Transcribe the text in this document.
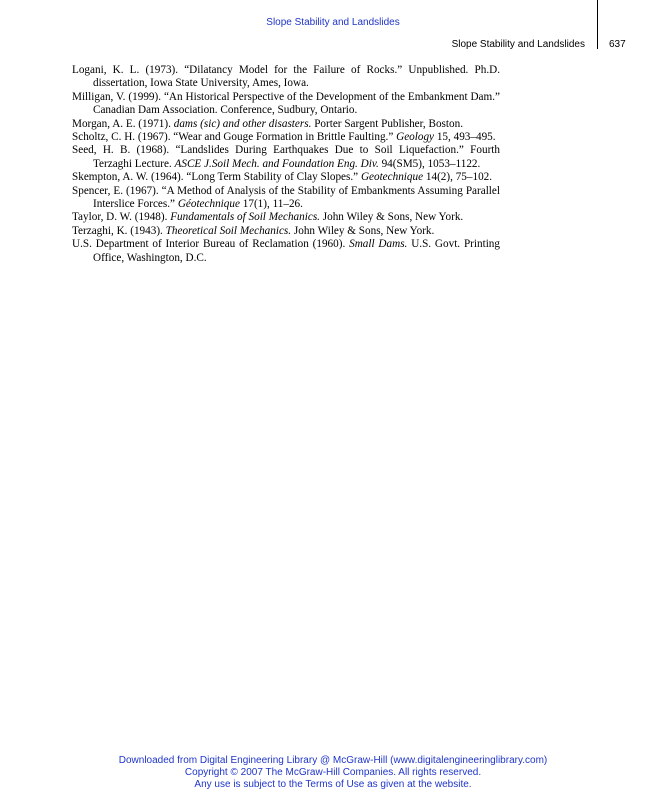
Slope Stability and Landslides
Slope Stability and Landslides 637

Logani, K. L. (1973). “Dilatancy Model for the Failure of Rocks.” Unpublished. Ph.D. dissertation, Iowa State University, Ames, Iowa.

Milligan, V. (1999). “An Historical Perspective of the Development of the Embankment Dam.” Canadian Dam Association. Conference, Sudbury, Ontario.

Morgan, A. E. (1971). dams (sic) and other disasters. Porter Sargent Publisher, Boston.

Scholtz, C. H. (1967). “Wear and Gouge Formation in Brittle Faulting.” Geology 15, 493–495.

Seed, H. B. (1968). “Landslides During Earthquakes Due to Soil Liquefaction.” Fourth Terzaghi Lecture. ASCE J.Soil Mech. and Foundation Eng. Div. 94(SM5), 1053–1122.

Skempton, A. W. (1964). “Long Term Stability of Clay Slopes.” Geotechnique 14(2), 75–102.

Spencer, E. (1967). “A Method of Analysis of the Stability of Embankments Assuming Parallel Interslice Forces.” Géotechnique 17(1), 11–26.

Taylor, D. W. (1948). Fundamentals of Soil Mechanics. John Wiley & Sons, New York.

Terzaghi, K. (1943). Theoretical Soil Mechanics. John Wiley & Sons, New York.

U.S. Department of Interior Bureau of Reclamation (1960). Small Dams. U.S. Govt. Printing Office, Washington, D.C.

Downloaded from Digital Engineering Library @ McGraw-Hill (www.digitalengineeringlibrary.com)
Copyright © 2007 The McGraw-Hill Companies. All rights reserved.
Any use is subject to the Terms of Use as given at the website.
